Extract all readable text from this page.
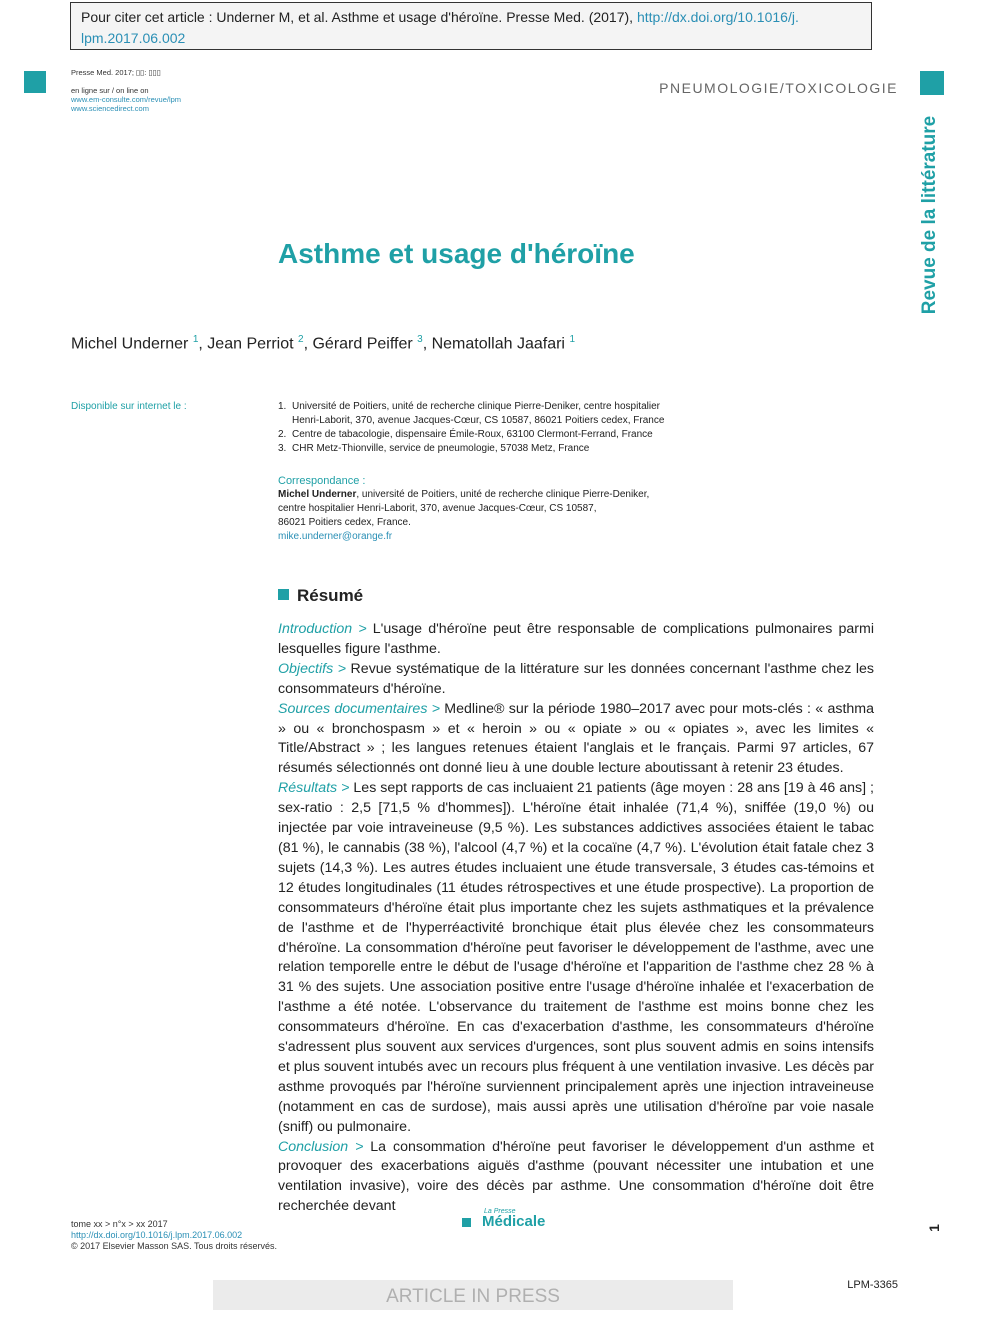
Pour citer cet article : Underner M, et al. Asthme et usage d'héroïne. Presse Med. (2017), http://dx.doi.org/10.1016/j.
lpm.2017.06.002
Presse Med. 2017; ▯▯: ▯▯▯
en ligne sur / on line on
www.em-consulte.com/revue/lpm
www.sciencedirect.com
PNEUMOLOGIE/TOXICOLOGIE
Revue de la littérature
Asthme et usage d'héroïne
Michel Underner $^1$, Jean Perriot $^2$, Gérard Peiffer $^3$, Nematollah Jaafari $^1$
Disponible sur internet le :	1. Université de Poitiers, unité de recherche clinique Pierre-Deniker, centre hospitalier
Henri-Laborit, 370, avenue Jacques-Cœur, CS 10587, 86021 Poitiers cedex, France
2. Centre de tabacologie, dispensaire Émile-Roux, 63100 Clermont-Ferrand, France
3. CHR Metz-Thionville, service de pneumologie, 57038 Metz, France
Correspondance :
Michel Underner, université de Poitiers, unité de recherche clinique Pierre-Deniker,
centre hospitalier Henri-Laborit, 370, avenue Jacques-Cœur, CS 10587,
86021 Poitiers cedex, France.
mike.underner@orange.fr
Résumé

Introduction > L'usage d'héroïne peut être responsable de complications pulmonaires parmi lesquelles figure l'asthme.

Objectifs > Revue systématique de la littérature sur les données concernant l'asthme chez les consommateurs d'héroïne.

Sources documentaires > Medline® sur la période 1980–2017 avec pour mots-clés : « asthma » ou « bronchospasm » et « heroin » ou « opiate » ou « opiates », avec les limites « Title/Abstract » ; les langues retenues étaient l'anglais et le français. Parmi 97 articles, 67 résumés sélectionnés ont donné lieu à une double lecture aboutissant à retenir 23 études.

Résultats > Les sept rapports de cas incluaient 21 patients (âge moyen : 28 ans [19 à 46 ans] ; sex-ratio : 2,5 [71,5 % d'hommes]). L'héroïne était inhalée (71,4 %), sniffée (19,0 %) ou injectée par voie intraveineuse (9,5 %). Les substances addictives associées étaient le tabac (81 %), le cannabis (38 %), l'alcool (4,7 %) et la cocaïne (4,7 %). L'évolution était fatale chez 3 sujets (14,3 %). Les autres études incluaient une étude transversale, 3 études cas-témoins et 12 études longitudinales (11 études rétrospectives et une étude prospective). La proportion de consommateurs d'héroïne était plus importante chez les sujets asthmatiques et la prévalence de l'asthme et de l'hyperréactivité bronchique était plus élevée chez les consommateurs d'héroïne. La consommation d'héroïne peut favoriser le développement de l'asthme, avec une relation temporelle entre le début de l'usage d'héroïne et l'apparition de l'asthme chez 28 % à 31 % des sujets. Une association positive entre l'usage d'héroïne inhalée et l'exacerbation de l'asthme a été notée. L'observance du traitement de l'asthme est moins bonne chez les consommateurs d'héroïne. En cas d'exacerbation d'asthme, les consommateurs d'héroïne s'adressent plus souvent aux services d'urgences, sont plus souvent admis en soins intensifs et plus souvent intubés avec un recours plus fréquent à une ventilation invasive. Les décès par asthme provoqués par l'héroïne surviennent principalement après une injection intraveineuse (notamment en cas de surdose), mais aussi après une utilisation d'héroïne par voie nasale (sniff) ou pulmonaire.

Conclusion > La consommation d'héroïne peut favoriser le développement d'un asthme et provoquer des exacerbations aiguës d'asthme (pouvant nécessiter une intubation et une ventilation invasive), voire des décès par asthme. Une consommation d'héroïne doit être recherchée devant

tome xx > n°x > xx 2017
http://dx.doi.org/10.1016/j.lpm.2017.06.002
© 2017 Elsevier Masson SAS. Tous droits réservés.
La Presse
Médicale	1
ARTICLE IN PRESS
LPM-3365
